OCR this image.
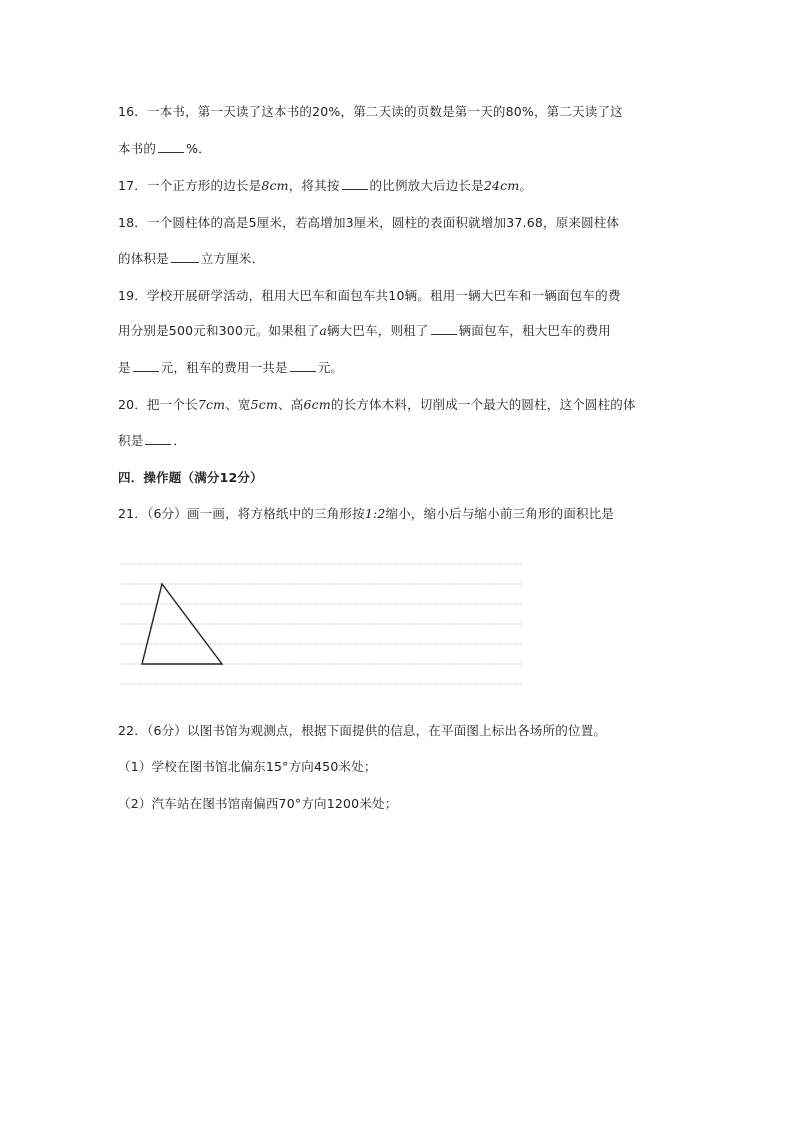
16．一本书，第一天读了这本书的20%，第二天读的页数是第一天的80%，第二天读了这
本书的 %．
17．一个正方形的边长是8cm，将其按 的比例放大后边长是24cm。
18．一个圆柱体的高是5厘米，若高增加3厘米，圆柱的表面积就增加37.68，原来圆柱体
的体积是	立方厘米．
19．学校开展研学活动，租用大巴车和面包车共10辆。租用一辆大巴车和一辆面包车的费
用分别是500元和300元。如果租了a辆大巴车，则租了 辆面包车，租大巴车的费用
是 元，租车的费用一共是 元。
20．把一个长7cm、宽5cm、高6cm的长方体木料，切削成一个最大的圆柱，这个圆柱的体
积是 ．
四．操作题（满分12分）
21．（6分）画一画，将方格纸中的三角形按1:2缩小，缩小后与缩小前三角形的面积比是
22．（6分）以图书馆为观测点，根据下面提供的信息，在平面图上标出各场所的位置。
（1）学校在图书馆北偏东15°方向450米处；
（2）汽车站在图书馆南偏西70°方向1200米处；
